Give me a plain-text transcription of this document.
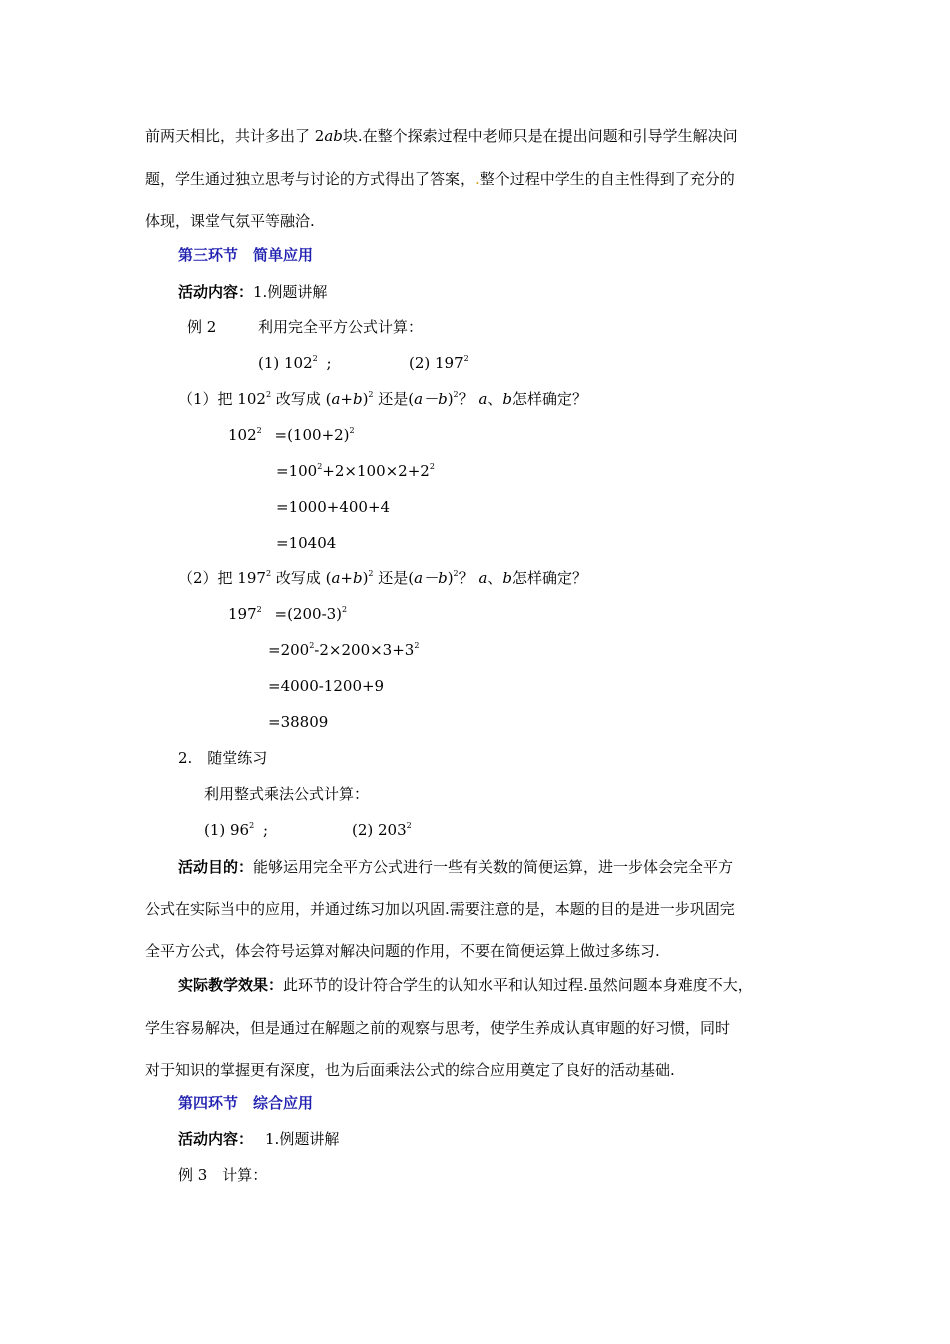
前两天相比，共计多出了 2ab块.在整个探索过程中老师只是在提出问题和引导学生解决问
题，学生通过独立思考与讨论的方式得出了答案，.整个过程中学生的自主性得到了充分的
体现，课堂气氛平等融洽.
第三环节　简单应用
活动内容：1.例题讲解
例 2	利用完全平方公式计算：
(1) $102^2$ ;	(2) $197^2$
（1）把 $102^2$ 改写成 $(a+b)^2$ 还是$(a-b)^2$？ a、b怎样确定？
$102^2 =(100+2)^2$
$=100^2+2\times 100\times 2+2^2$
=1000+400+4
=10404
（2）把 $197^2$ 改写成 $(a+b)^2$ 还是$(a-b)^2$？ a、b怎样确定？
$197^2 =(200-3)^2$
$=200^2-2\times 200\times 3+3^2$
=4000-1200+9
=38809
2.　随堂练习
利用整式乘法公式计算：
(1) $96^2$ ;	(2) $203^2$
活动目的：能够运用完全平方公式进行一些有关数的简便运算，进一步体会完全平方
公式在实际当中的应用，并通过练习加以巩固.需要注意的是，本题的目的是进一步巩固完
全平方公式，体会符号运算对解决问题的作用，不要在简便运算上做过多练习.
实际教学效果：此环节的设计符合学生的认知水平和认知过程.虽然问题本身难度不大，
学生容易解决，但是通过在解题之前的观察与思考，使学生养成认真审题的好习惯，同时
对于知识的掌握更有深度，也为后面乘法公式的综合应用奠定了良好的活动基础.
第四环节　综合应用
活动内容： 1.例题讲解
例 3　计算：
